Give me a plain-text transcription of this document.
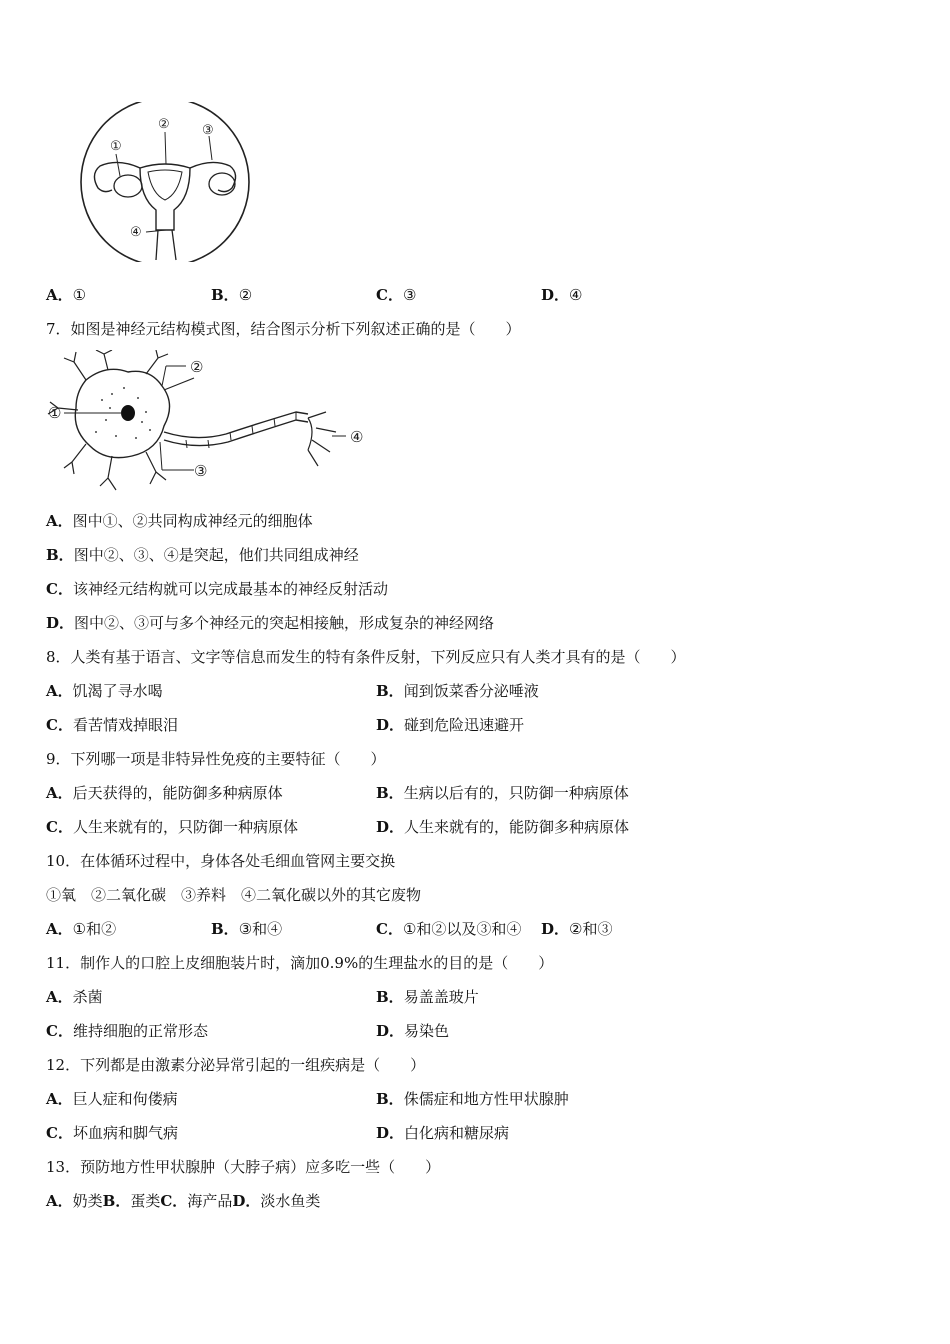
①
② ③
④
A．①	B．②	C．③	D．④
7．如图是神经元结构模式图，结合图示分析下列叙述正确的是（　　）
①
②
③
④
A．图中①、②共同构成神经元的细胞体
B．图中②、③、④是突起，他们共同组成神经
C．该神经元结构就可以完成最基本的神经反射活动
D．图中②、③可与多个神经元的突起相接触，形成复杂的神经网络
8．人类有基于语言、文字等信息而发生的特有条件反射，下列反应只有人类才具有的是（　　）
A．饥渴了寻水喝	B．闻到饭菜香分泌唾液
C．看苦情戏掉眼泪	D．碰到危险迅速避开
9．下列哪一项是非特异性免疫的主要特征（　　）
A．后天获得的，能防御多种病原体	B．生病以后有的，只防御一种病原体
C．人生来就有的，只防御一种病原体	D．人生来就有的，能防御多种病原体
10．在体循环过程中，身体各处毛细血管网主要交换
①氧　②二氧化碳　③养料　④二氧化碳以外的其它废物
A．①和②	B．③和④	C．①和②以及③和④ D．②和③
11．制作人的口腔上皮细胞装片时，滴加0.9%的生理盐水的目的是（　　）
A．杀菌	B．易盖盖玻片
C．维持细胞的正常形态	D．易染色
12．下列都是由激素分泌异常引起的一组疾病是（　　）
A．巨人症和佝偻病	B．侏儒症和地方性甲状腺肿
C．坏血病和脚气病	D．白化病和糖尿病
13．预防地方性甲状腺肿（大脖子病）应多吃一些（　　）
A．奶类B．蛋类C．海产品D．淡水鱼类
